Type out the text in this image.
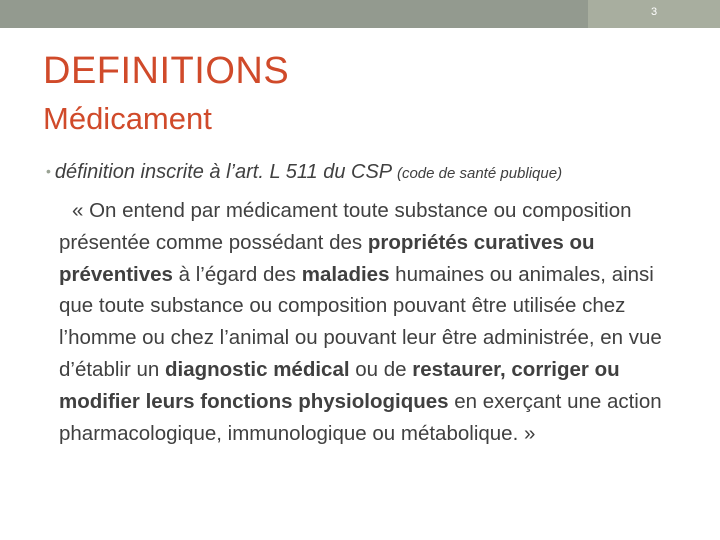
3
DEFINITIONS
Médicament
• définition inscrite à l’art. L 511 du CSP (code de santé publique)
« On entend par médicament toute substance ou composition présentée comme possédant des propriétés curatives ou préventives à l’égard des maladies humaines ou animales, ainsi que toute substance ou composition pouvant être utilisée chez l’homme ou chez l’animal ou pouvant leur être administrée, en vue d’établir un diagnostic médical ou de restaurer, corriger ou modifier leurs fonctions physiologiques en exerçant une action pharmacologique, immunologique ou métabolique. »
